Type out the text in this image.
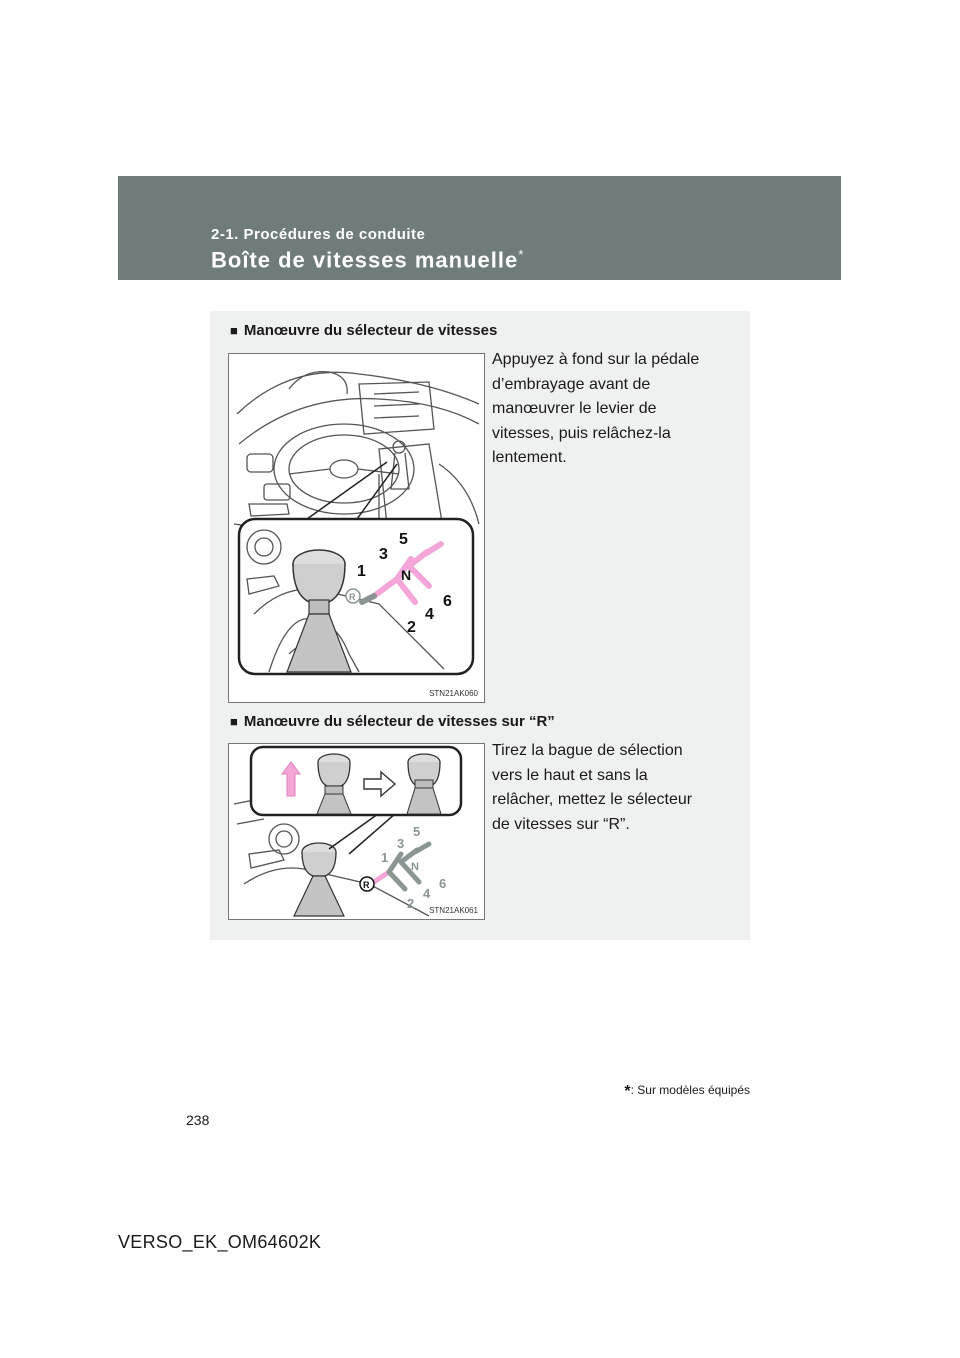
2-1. Procédures de conduite
Boîte de vitesses manuelle*
■ Manœuvre du sélecteur de vitesses
1
3
5
N
2
4
6
R
STN21AK060
Appuyez à fond sur la pédale
d’embrayage avant de
manœuvrer le levier de
vitesses, puis relâchez-la
lentement.
■ Manœuvre du sélecteur de vitesses sur “R”
R
1
3
5
N
2
4
6
STN21AK061
Tirez la bague de sélection
vers le haut et sans la
relâcher, mettez le sélecteur
de vitesses sur “R”.
*: Sur modèles équipés
238
VERSO_EK_OM64602K
